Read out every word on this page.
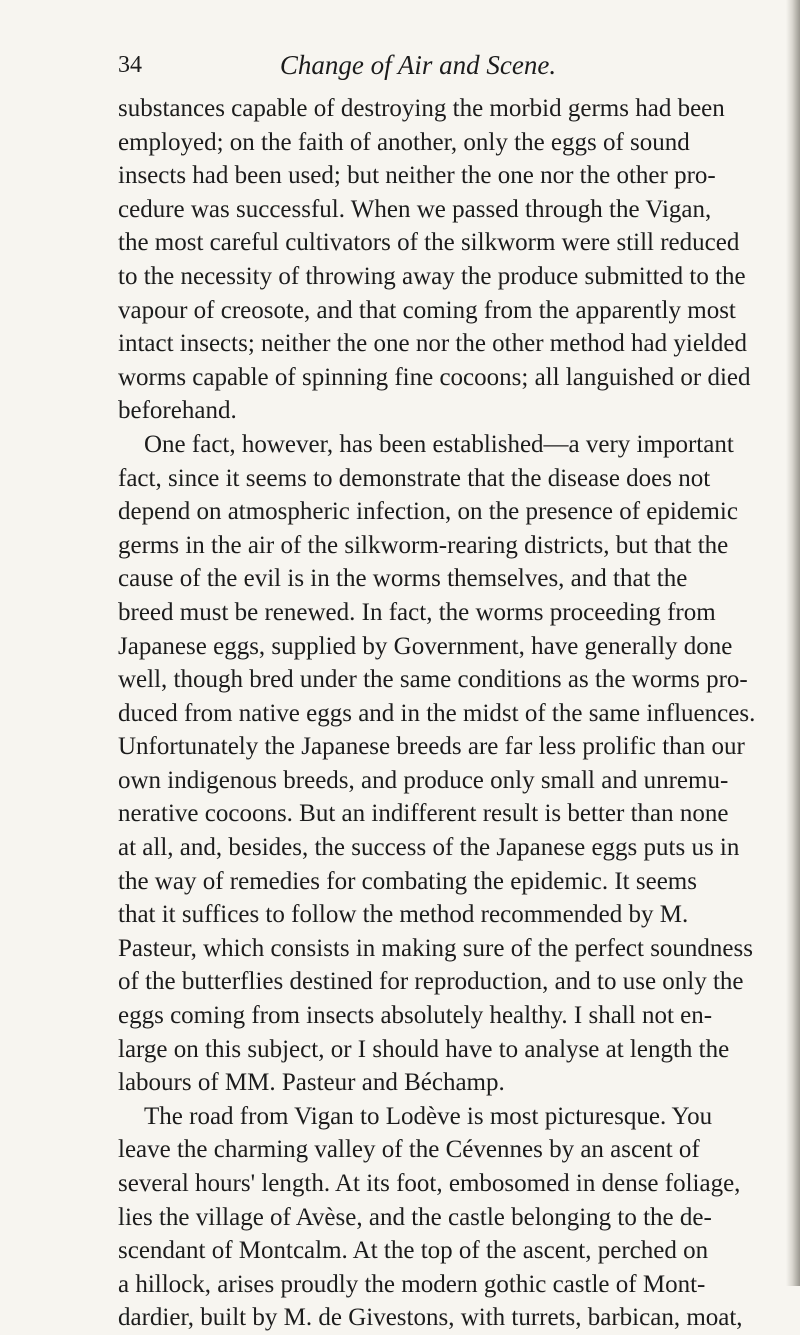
34	Change of Air and Scene.
substances capable of destroying the morbid germs had been
employed; on the faith of another, only the eggs of sound
insects had been used; but neither the one nor the other pro-
cedure was successful. When we passed through the Vigan,
the most careful cultivators of the silkworm were still reduced
to the necessity of throwing away the produce submitted to the
vapour of creosote, and that coming from the apparently most
intact insects; neither the one nor the other method had yielded
worms capable of spinning fine cocoons; all languished or died
beforehand.
One fact, however, has been established—a very important
fact, since it seems to demonstrate that the disease does not
depend on atmospheric infection, on the presence of epidemic
germs in the air of the silkworm-rearing districts, but that the
cause of the evil is in the worms themselves, and that the
breed must be renewed. In fact, the worms proceeding from
Japanese eggs, supplied by Government, have generally done
well, though bred under the same conditions as the worms pro-
duced from native eggs and in the midst of the same influences.
Unfortunately the Japanese breeds are far less prolific than our
own indigenous breeds, and produce only small and unremu-
nerative cocoons. But an indifferent result is better than none
at all, and, besides, the success of the Japanese eggs puts us in
the way of remedies for combating the epidemic. It seems
that it suffices to follow the method recommended by M.
Pasteur, which consists in making sure of the perfect soundness
of the butterflies destined for reproduction, and to use only the
eggs coming from insects absolutely healthy. I shall not en-
large on this subject, or I should have to analyse at length the
labours of MM. Pasteur and Béchamp.
The road from Vigan to Lodève is most picturesque. You
leave the charming valley of the Cévennes by an ascent of
several hours' length. At its foot, embosomed in dense foliage,
lies the village of Avèse, and the castle belonging to the de-
scendant of Montcalm. At the top of the ascent, perched on
a hillock, arises proudly the modern gothic castle of Mont-
dardier, built by M. de Givestons, with turrets, barbican, moat,
